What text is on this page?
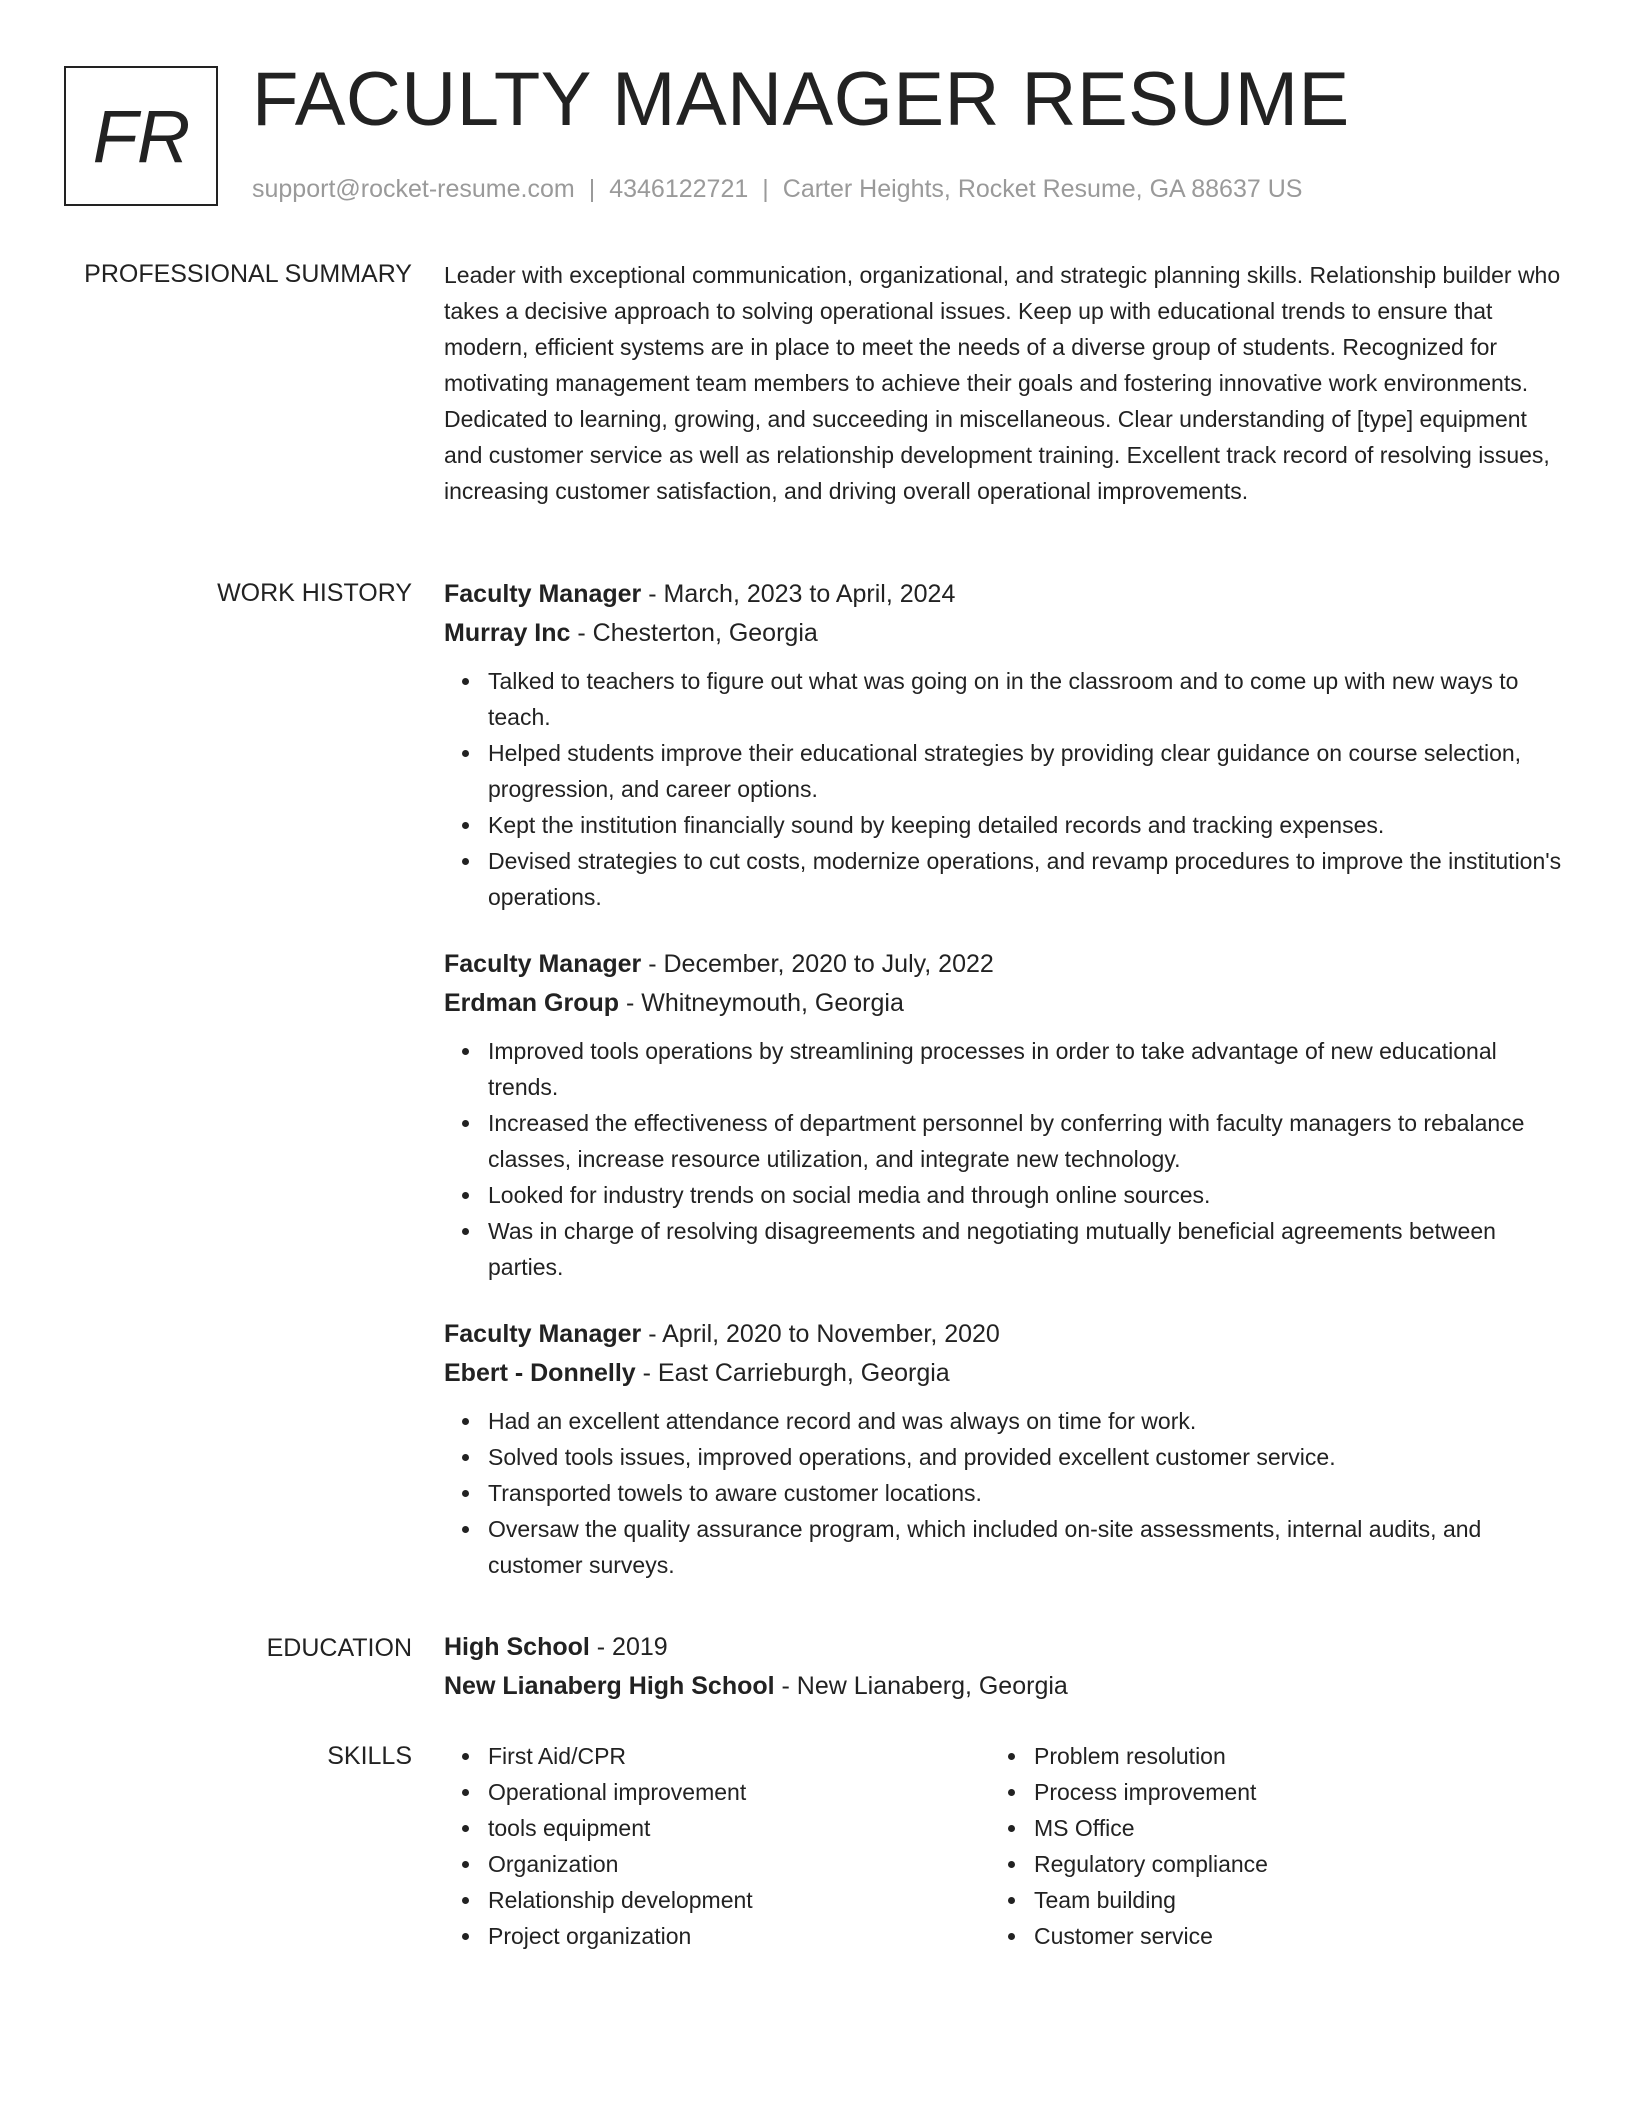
FR FACULTY MANAGER RESUME
support@rocket-resume.com | 4346122721 | Carter Heights, Rocket Resume, GA 88637 US
PROFESSIONAL SUMMARY Leader with exceptional communication, organizational, and strategic planning skills. Relationship builder who takes a decisive approach to solving operational issues. Keep up with educational trends to ensure that modern, efficient systems are in place to meet the needs of a diverse group of students. Recognized for motivating management team members to achieve their goals and fostering innovative work environments. Dedicated to learning, growing, and succeeding in miscellaneous. Clear understanding of [type] equipment and customer service as well as relationship development training. Excellent track record of resolving issues, increasing customer satisfaction, and driving overall operational improvements.
WORK HISTORY Faculty Manager - March, 2023 to April, 2024
Murray Inc - Chesterton, Georgia
Talked to teachers to figure out what was going on in the classroom and to come up with new ways to teach.
Helped students improve their educational strategies by providing clear guidance on course selection, progression, and career options.
Kept the institution financially sound by keeping detailed records and tracking expenses.
Devised strategies to cut costs, modernize operations, and revamp procedures to improve the institution's operations.
Faculty Manager - December, 2020 to July, 2022
Erdman Group - Whitneymouth, Georgia
Improved tools operations by streamlining processes in order to take advantage of new educational trends.
Increased the effectiveness of department personnel by conferring with faculty managers to rebalance classes, increase resource utilization, and integrate new technology.
Looked for industry trends on social media and through online sources.
Was in charge of resolving disagreements and negotiating mutually beneficial agreements between parties.
Faculty Manager - April, 2020 to November, 2020
Ebert - Donnelly - East Carrieburgh, Georgia
Had an excellent attendance record and was always on time for work.
Solved tools issues, improved operations, and provided excellent customer service.
Transported towels to aware customer locations.
Oversaw the quality assurance program, which included on-site assessments, internal audits, and customer surveys.
EDUCATION High School - 2019
New Lianaberg High School - New Lianaberg, Georgia
SKILLS	First Aid/CPR
Operational improvement
tools equipment
Organization
Relationship development
Project organization
Problem resolution
Process improvement
MS Office
Regulatory compliance
Team building
Customer service
